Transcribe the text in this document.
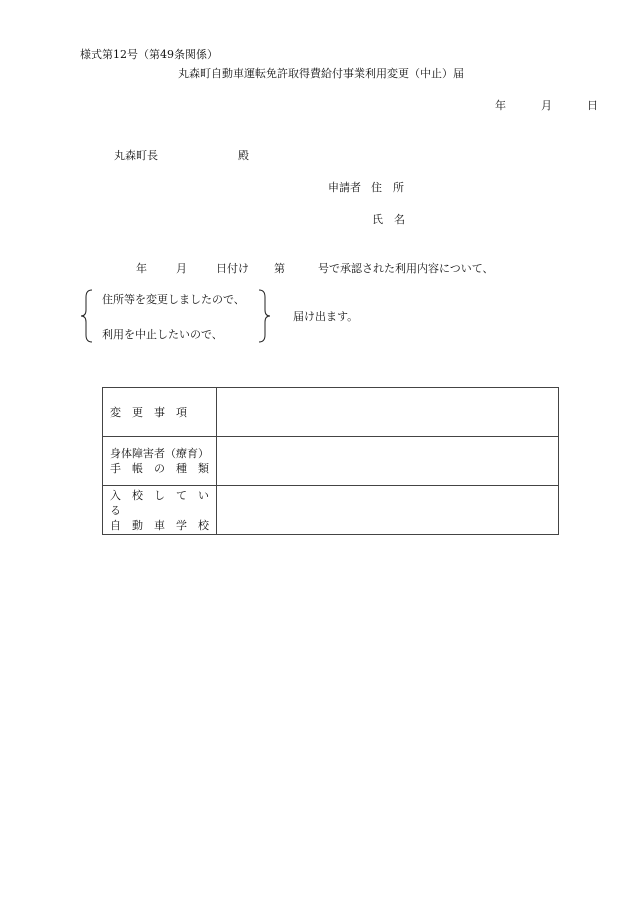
様式第12号（第49条関係）
丸森町自動車運転免許取得費給付事業利用変更（中止）届
年	月	日
丸森町長	殿
申請者 住　所
氏　名
年	月	日付け 第	号で承認された利用内容について、
住所等を変更しましたので、
利用を中止したいので、
届け出ます。
変　更　事　項	

身体障害者（療育）
手　帳　の　種　類	

入　校　し　て　い　る
自　動　車　学　校	
